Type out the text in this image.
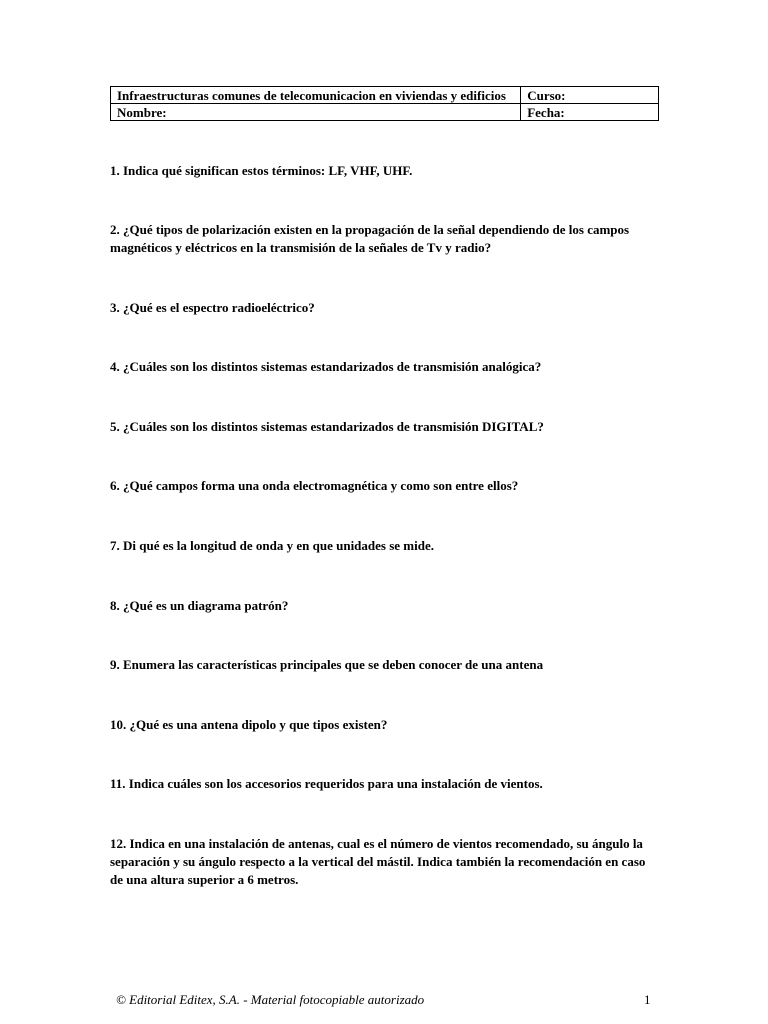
Infraestructuras comunes de telecomunicacion en viviendas y edificios	Curso:
Nombre:	Fecha:

1. Indica qué significan estos términos: LF, VHF, UHF.

2. ¿Qué tipos de polarización existen en la propagación de la señal dependiendo de los campos magnéticos y eléctricos en la transmisión de la señales de Tv y radio?

3. ¿Qué es el espectro radioeléctrico?

4. ¿Cuáles son los distintos sistemas estandarizados de transmisión analógica?

5. ¿Cuáles son los distintos sistemas estandarizados de transmisión DIGITAL?

6. ¿Qué campos forma una onda electromagnética y como son entre ellos?

7. Di qué es la longitud de onda y en que unidades se mide.

8. ¿Qué es un diagrama patrón?

9. Enumera las características principales que se deben conocer de una antena

10. ¿Qué es una antena dipolo y que tipos existen?

11. Indica cuáles son los accesorios requeridos para una instalación de vientos.

12. Indica en una instalación de antenas, cual es el número de vientos recomendado, su ángulo la separación y su ángulo respecto a la vertical del mástil. Indica también la recomendación en caso de una altura superior a 6 metros.

© Editorial Editex, S.A. - Material fotocopiable autorizado	1
